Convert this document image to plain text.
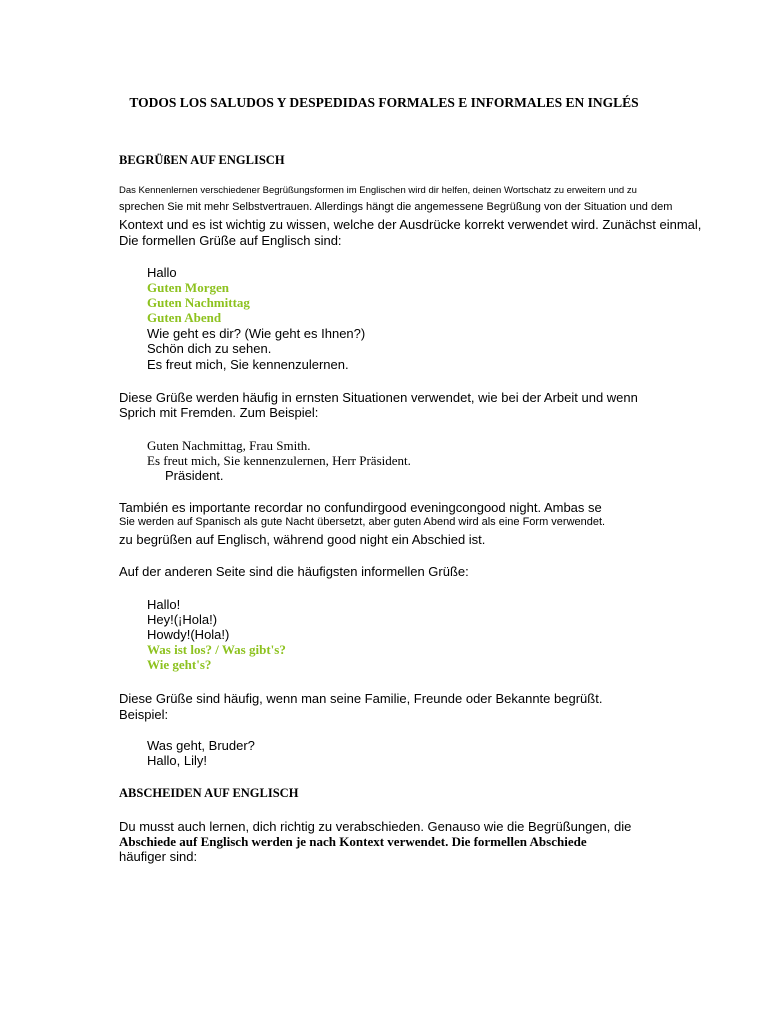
TODOS LOS SALUDOS Y DESPEDIDAS FORMALES E INFORMALES EN INGLÉS
BEGRÜßEN AUF ENGLISCH
Das Kennenlernen verschiedener Begrüßungsformen im Englischen wird dir helfen, deinen Wortschatz zu erweitern und zu
sprechen Sie mit mehr Selbstvertrauen. Allerdings hängt die angemessene Begrüßung von der Situation und dem
Kontext und es ist wichtig zu wissen, welche der Ausdrücke korrekt verwendet wird. Zunächst einmal,
Die formellen Grüße auf Englisch sind:
Hallo
Guten Morgen
Guten Nachmittag
Guten Abend
Wie geht es dir? (Wie geht es Ihnen?)
Schön dich zu sehen.
Es freut mich, Sie kennenzulernen.
Diese Grüße werden häufig in ernsten Situationen verwendet, wie bei der Arbeit und wenn
Sprich mit Fremden. Zum Beispiel:
Guten Nachmittag, Frau Smith.
Es freut mich, Sie kennenzulernen, Herr Präsident.
Präsident.
También es importante recordar no confundirgood eveningcongood night. Ambas se
Sie werden auf Spanisch als gute Nacht übersetzt, aber guten Abend wird als eine Form verwendet.
zu begrüßen auf Englisch, während good night ein Abschied ist.
Auf der anderen Seite sind die häufigsten informellen Grüße:
Hallo!
Hey!(¡Hola!)
Howdy!(Hola!)
Was ist los? / Was gibt's?
Wie geht's?
Diese Grüße sind häufig, wenn man seine Familie, Freunde oder Bekannte begrüßt.
Beispiel:
Was geht, Bruder?
Hallo, Lily!
ABSCHEIDEN AUF ENGLISCH
Du musst auch lernen, dich richtig zu verabschieden. Genauso wie die Begrüßungen, die
Abschiede auf Englisch werden je nach Kontext verwendet. Die formellen Abschiede
häufiger sind:
